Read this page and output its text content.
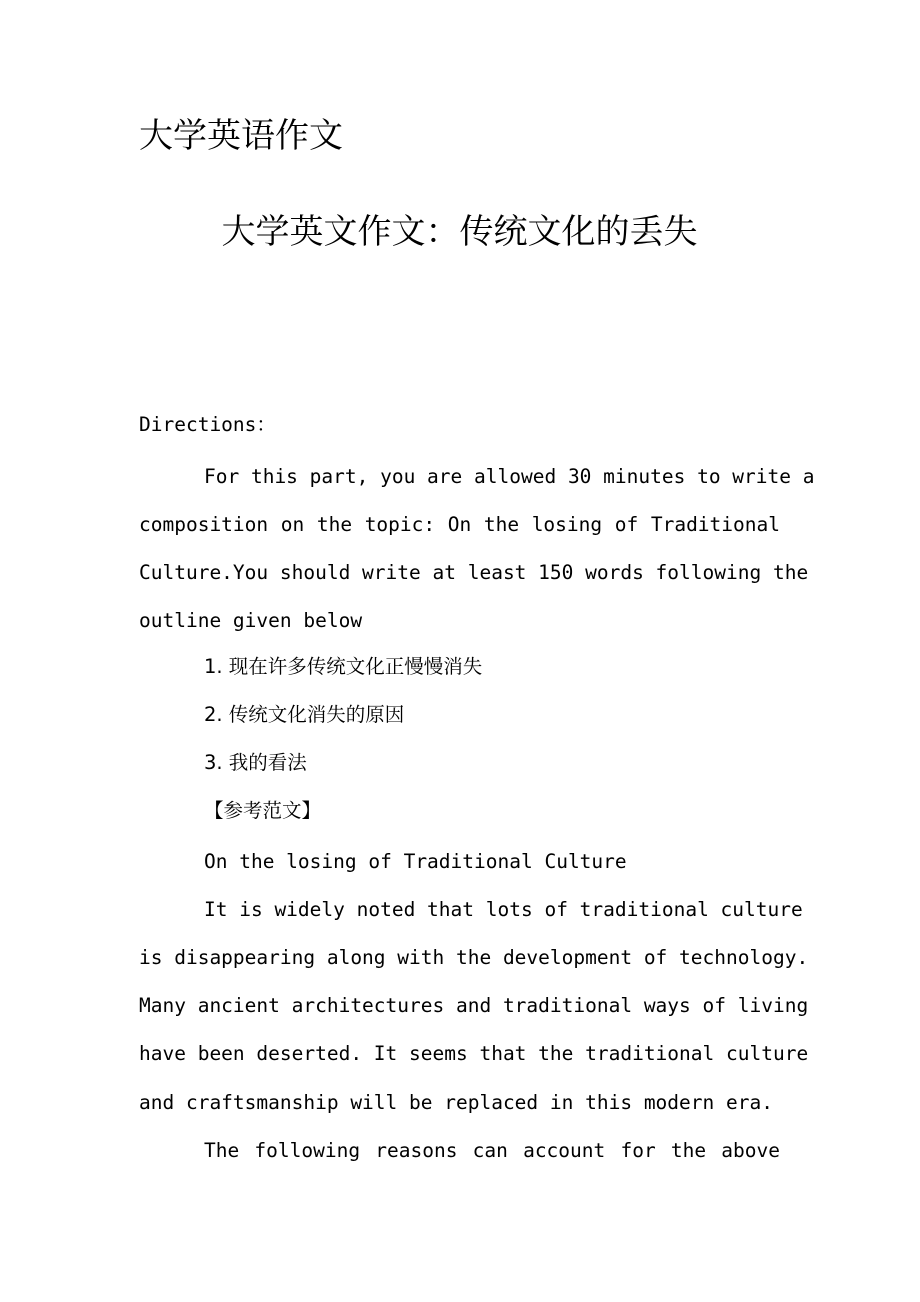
大学英语作文
大学英文作文：传统文化的丢失

Directions：

For this part, you are allowed 30 minutes to write a

composition on the topic: On the losing of Traditional

Culture.You should write at least 150 words following the

outline given below

1. 现在许多传统文化正慢慢消失

2. 传统文化消失的原因

3. 我的看法

【参考范文】

On the losing of Traditional Culture

It is widely noted that lots of traditional culture

is disappearing along with the development of technology.

Many ancient architectures and traditional ways of living

have been deserted. It seems that the traditional culture

and craftsmanship will be replaced in this modern era.

The following reasons can account for the above
